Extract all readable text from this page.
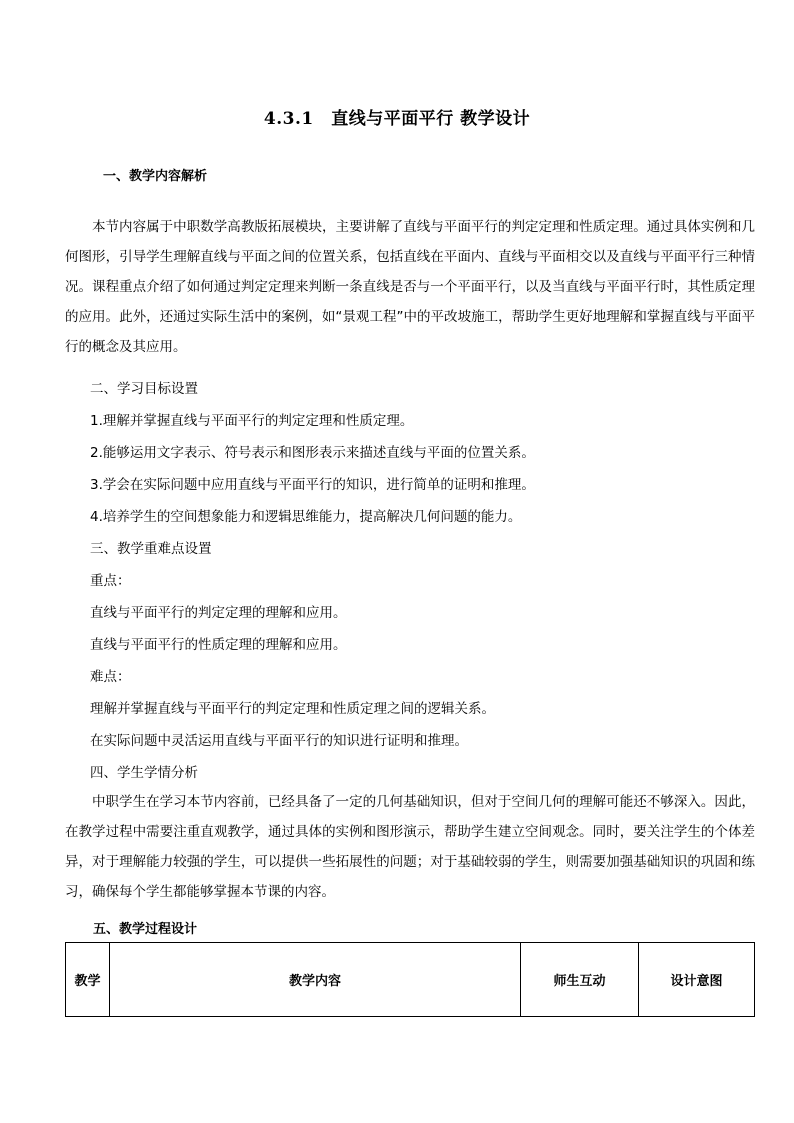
4.3.1　直线与平面平行 教学设计
一、教学内容解析

本节内容属于中职数学高教版拓展模块，主要讲解了直线与平面平行的判定定理和性质定理。通过具体实例和几何图形，引导学生理解直线与平面之间的位置关系，包括直线在平面内、直线与平面相交以及直线与平面平行三种情况。课程重点介绍了如何通过判定定理来判断一条直线是否与一个平面平行，以及当直线与平面平行时，其性质定理的应用。此外，还通过实际生活中的案例，如“景观工程”中的平改坡施工，帮助学生更好地理解和掌握直线与平面平行的概念及其应用。

二、学习目标设置
1.理解并掌握直线与平面平行的判定定理和性质定理。
2.能够运用文字表示、符号表示和图形表示来描述直线与平面的位置关系。
3.学会在实际问题中应用直线与平面平行的知识，进行简单的证明和推理。
4.培养学生的空间想象能力和逻辑思维能力，提高解决几何问题的能力。
三、教学重难点设置
重点：
直线与平面平行的判定定理的理解和应用。
直线与平面平行的性质定理的理解和应用。
难点：
理解并掌握直线与平面平行的判定定理和性质定理之间的逻辑关系。
在实际问题中灵活运用直线与平面平行的知识进行证明和推理。
四、学生学情分析

中职学生在学习本节内容前，已经具备了一定的几何基础知识，但对于空间几何的理解可能还不够深入。因此，在教学过程中需要注重直观教学，通过具体的实例和图形演示，帮助学生建立空间观念。同时，要关注学生的个体差异，对于理解能力较强的学生，可以提供一些拓展性的问题；对于基础较弱的学生，则需要加强基础知识的巩固和练习，确保每个学生都能够掌握本节课的内容。

五、教学过程设计
教学	教学内容	师生互动	设计意图
